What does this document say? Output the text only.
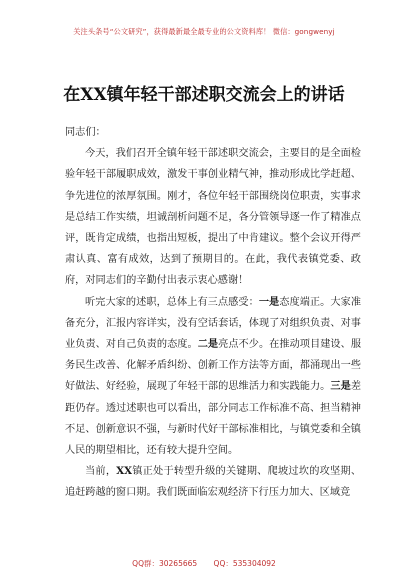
关注头条号“公文研究”，获得最新最全最专业的公文资料库！ 微信：gongwenyj
在XX镇年轻干部述职交流会上的讲话

同志们：

今天，我们召开全镇年轻干部述职交流会，主要目的是全面检验年轻干部履职成效，激发干事创业精气神，推动形成比学赶超、争先进位的浓厚氛围。刚才，各位年轻干部围绕岗位职责，实事求是总结工作实绩，坦诚剖析问题不足，各分管领导逐一作了精准点评，既肯定成绩，也指出短板，提出了中肯建议。整个会议开得严肃认真、富有成效，达到了预期目的。在此，我代表镇党委、政府，对同志们的辛勤付出表示衷心感谢！

听完大家的述职，总体上有三点感受：一是态度端正。大家准备充分，汇报内容详实，没有空话套话，体现了对组织负责、对事业负责、对自己负责的态度。二是亮点不少。在推动项目建设、服务民生改善、化解矛盾纠纷、创新工作方法等方面，都涌现出一些好做法、好经验，展现了年轻干部的思维活力和实践能力。三是差距仍存。透过述职也可以看出，部分同志工作标准不高、担当精神不足、创新意识不强，与新时代好干部标准相比，与镇党委和全镇人民的期望相比，还有较大提升空间。

当前，XX镇正处于转型升级的关键期、爬坡过坎的攻坚期、追赶跨越的窗口期。我们既面临宏观经济下行压力加大、区域竞

QQ群：30265665 QQ：535304092
